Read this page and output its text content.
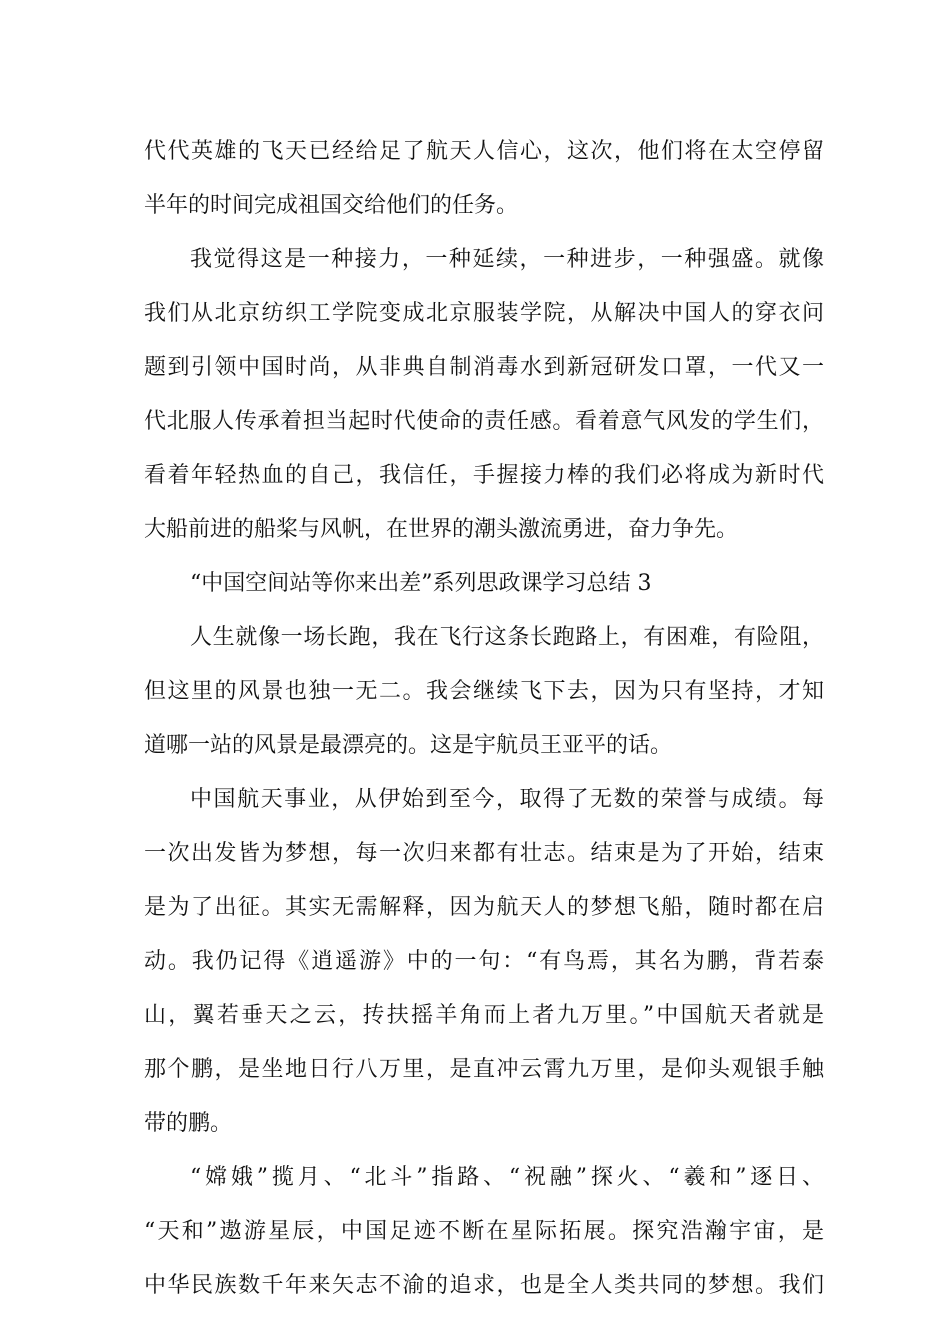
代代英雄的飞天已经给足了航天人信心，这次，他们将在太空停留
半年的时间完成祖国交给他们的任务。
我觉得这是一种接力，一种延续，一种进步，一种强盛。就像
我们从北京纺织工学院变成北京服装学院，从解决中国人的穿衣问
题到引领中国时尚，从非典自制消毒水到新冠研发口罩，一代又一
代北服人传承着担当起时代使命的责任感。看着意气风发的学生们，
看着年轻热血的自己，我信任，手握接力棒的我们必将成为新时代
大船前进的船桨与风帆，在世界的潮头激流勇进，奋力争先。
“中国空间站等你来出差”系列思政课学习总结 3
人生就像一场长跑，我在飞行这条长跑路上，有困难，有险阻，
但这里的风景也独一无二。我会继续飞下去，因为只有坚持，才知
道哪一站的风景是最漂亮的。这是宇航员王亚平的话。
中国航天事业，从伊始到至今，取得了无数的荣誉与成绩。每
一次出发皆为梦想，每一次归来都有壮志。结束是为了开始，结束
是为了出征。其实无需解释，因为航天人的梦想飞船，随时都在启
动。我仍记得《逍遥游》中的一句：“有鸟焉，其名为鹏，背若泰
山，翼若垂天之云，抟扶摇羊角而上者九万里。”中国航天者就是
那个鹏，是坐地日行八万里，是直冲云霄九万里，是仰头观银手触
带的鹏。
“嫦娥”揽月、“北斗”指路、“祝融”探火、“羲和”逐日、
“天和”遨游星辰，中国足迹不断在星际拓展。探究浩瀚宇宙，是
中华民族数千年来矢志不渝的追求，也是全人类共同的梦想。我们
